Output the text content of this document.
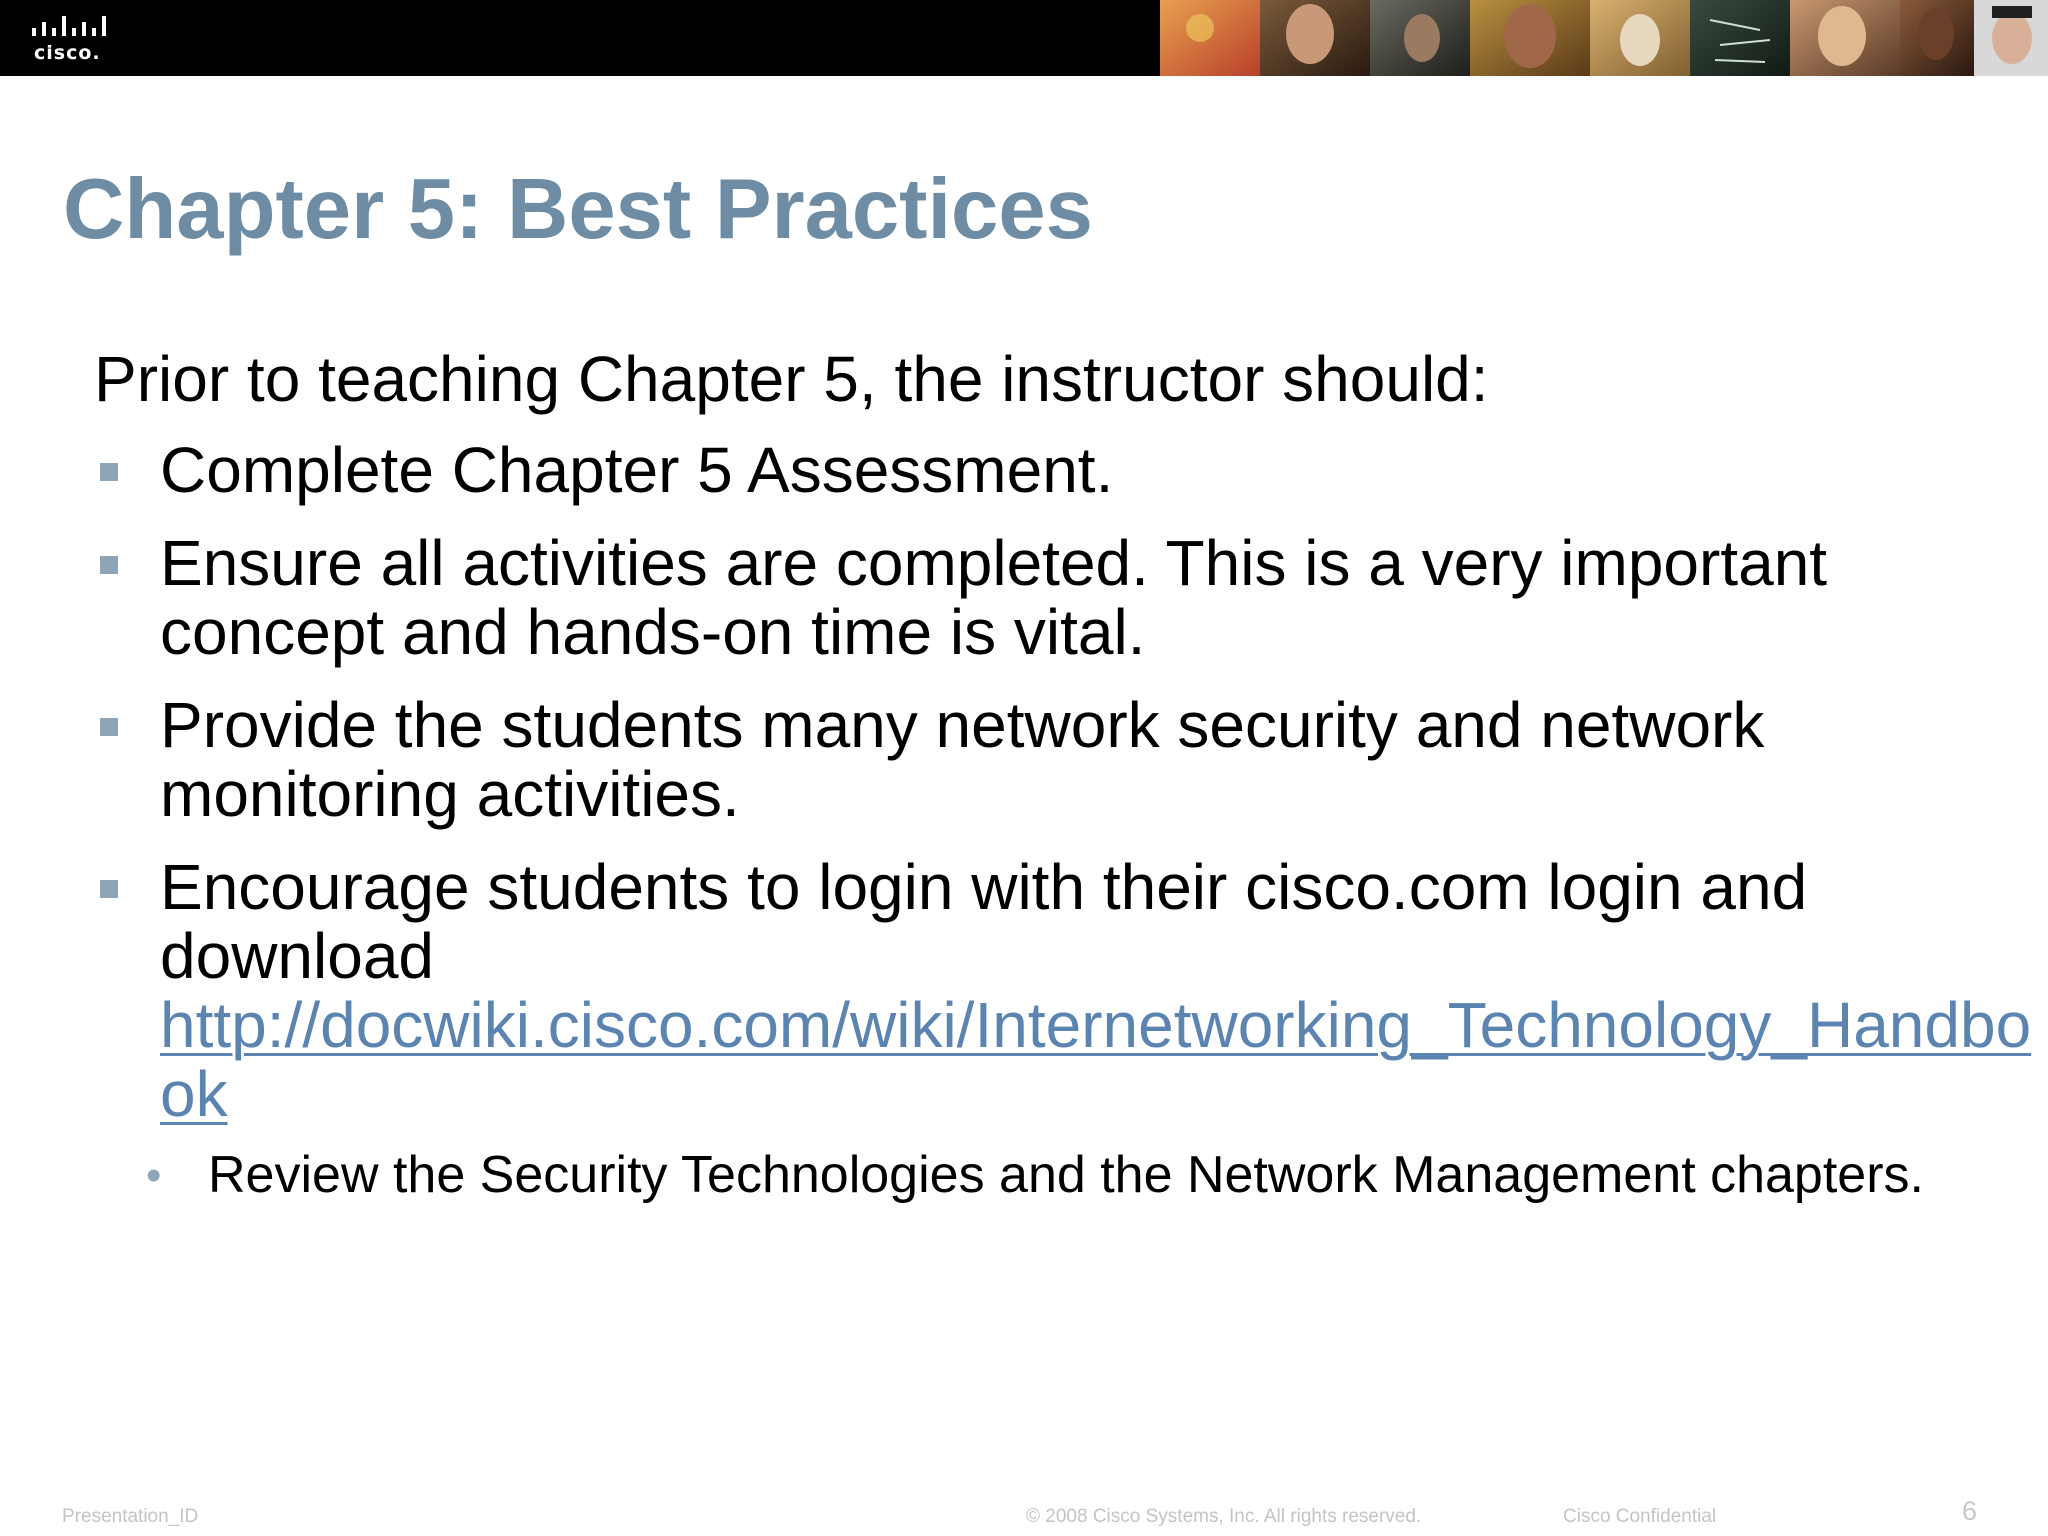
cisco.
Chapter 5: Best Practices

Prior to teaching Chapter 5, the instructor should:

Complete Chapter 5 Assessment.
Ensure all activities are completed. This is a very important concept and hands-on time is vital.
Provide the students many network security and network monitoring activities.
Encourage students to login with their cisco.com login and download
http://docwiki.cisco.com/wiki/Internetworking_Technology_Handbook
• Review the Security Technologies and the Network Management chapters.
Presentation_ID	© 2008 Cisco Systems, Inc. All rights reserved.	Cisco Confidential	6
